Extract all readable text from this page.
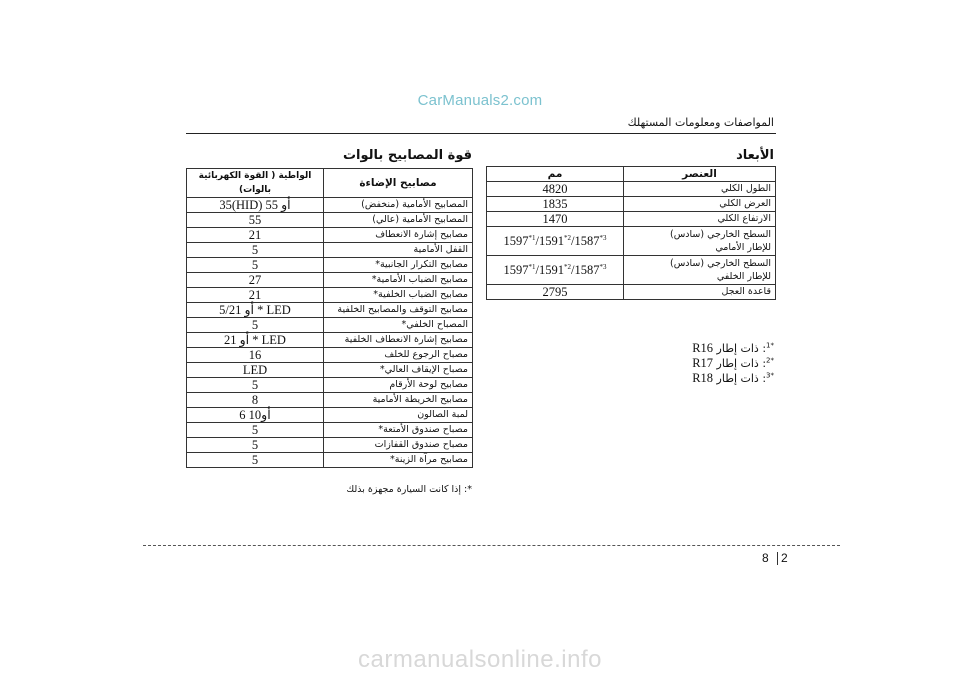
CarManuals2.com
المواصفات ومعلومات المستهلك
الأبعاد
مم	العنصر
4820	الطول الكلي
1835	العرض الكلي
1470	الارتفاع الكلي
1597$^{*1}$/1591$^{*2}$/1587$^{*3}$	السطح الخارجي (سادس)
للإطار الأمامي

1597$^{*1}$/1591$^{*2}$/1587$^{*3}$	السطح الخارجي (سادس)
للإطار الخلفي

2795	قاعدة العجل
$^{*1}$: ذات إطار R16
$^{*2}$: ذات إطار R17
$^{*3}$: ذات إطار R18
قوة المصابيح بالوات
الواطية ( القوة الكهربائية بالوات)	مصابيح الإضاءة
35(HID) أو 55	المصابيح الأمامية (منخفض)
55	المصابيح الأمامية (عالي)
21	مصابيح إشارة الانعطاف
5	القفل الأمامية
5	مصابيح التكرار الجانبية*
27	مصابيح الضباب الأمامية*
21	مصابيح الضباب الخلفية*
5/21 أو * LED	مصابيح التوقف والمصابيح الخلفية
5	المصباح الخلفي*
21 أو * LED	مصابيح إشارة الانعطاف الخلفية
16	مصباح الرجوع للخلف
LED	مصباح الإيقاف العالي*
5	مصابيح لوحة الأرقام
8	مصابيح الخريطة الأمامية
6 أو10	لمبة الصالون
5	مصباح صندوق الأمتعة*
5	مصباح صندوق القفازات
5	مصابيح مرآة الزينة*
*: إذا كانت السيارة مجهزة بذلك
8 2
carmanualsonline.info
